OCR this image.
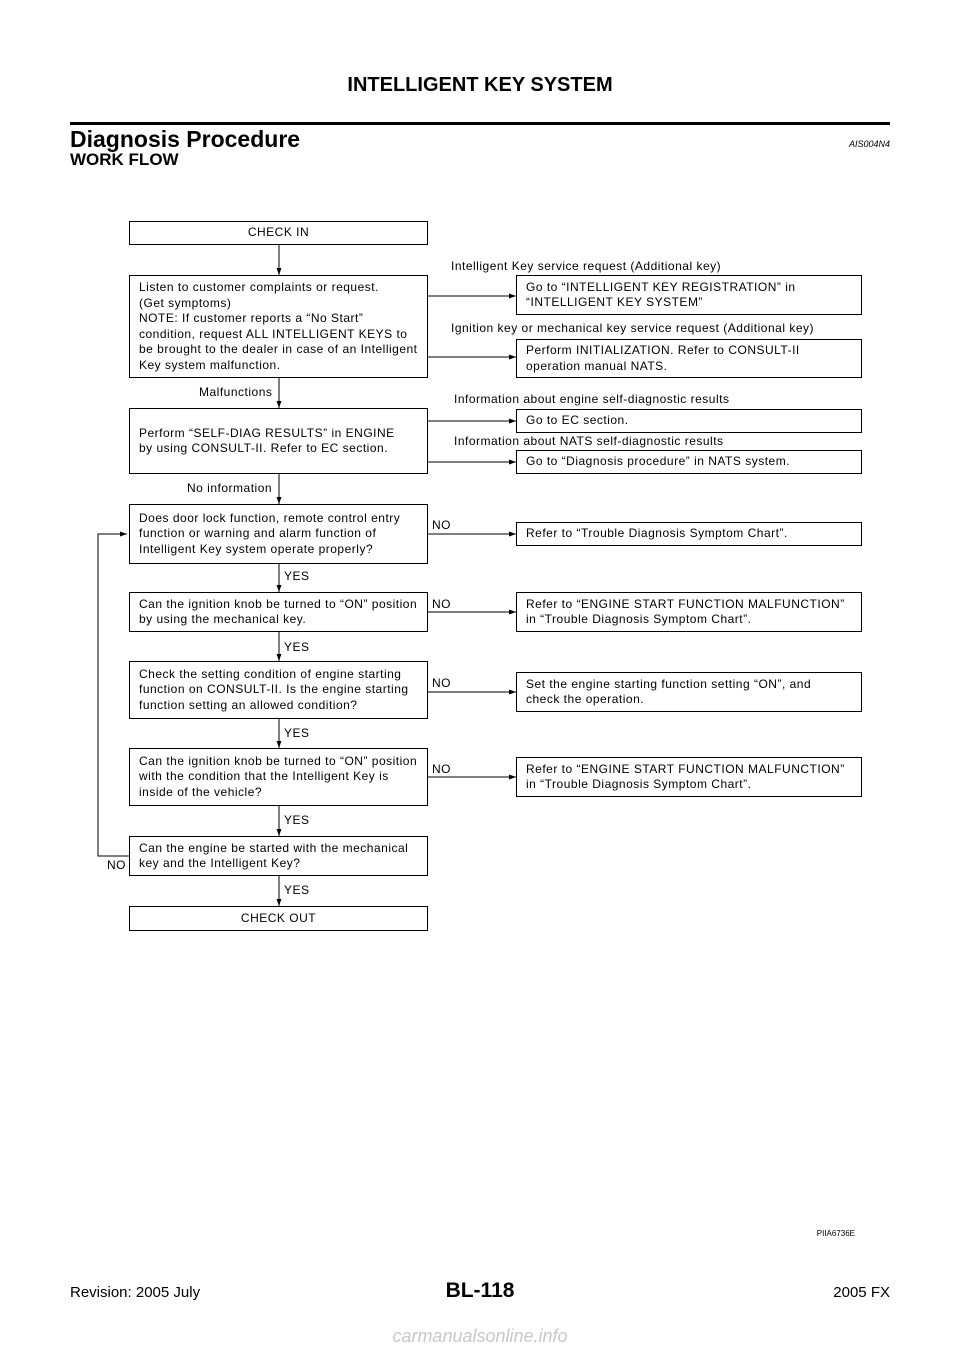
INTELLIGENT KEY SYSTEM
Diagnosis Procedure	AIS004N4
WORK FLOW
CHECK IN
Listen to customer complaints or request.
(Get symptoms)
NOTE: If customer reports a “No Start”
condition, request ALL INTELLIGENT KEYS to
be brought to the dealer in case of an Intelligent
Key system malfunction.
Go to “INTELLIGENT KEY REGISTRATION” in
“INTELLIGENT KEY SYSTEM”
Perform INITIALIZATION. Refer to CONSULT-II
operation manual NATS.
Perform “SELF-DIAG RESULTS” in ENGINE
by using CONSULT-II. Refer to EC section.
Go to EC section.
Go to “Diagnosis procedure” in NATS system.
Does door lock function, remote control entry
function or warning and alarm function of
Intelligent Key system operate properly?
Refer to “Trouble Diagnosis Symptom Chart”.
Can the ignition knob be turned to “ON” position
by using the mechanical key.
Refer to “ENGINE START FUNCTION MALFUNCTION”
in “Trouble Diagnosis Symptom Chart”.
Check the setting condition of engine starting
function on CONSULT-II. Is the engine starting
function setting an allowed condition?
Set the engine starting function setting “ON”, and
check the operation.
Can the ignition knob be turned to “ON” position
with the condition that the Intelligent Key is
inside of the vehicle?
Refer to “ENGINE START FUNCTION MALFUNCTION”
in “Trouble Diagnosis Symptom Chart”.
Can the engine be started with the mechanical
key and the Intelligent Key?
CHECK OUT
Intelligent Key service request (Additional key)
Ignition key or mechanical key service request (Additional key)
Malfunctions	Information about engine self-diagnostic results
Information about NATS self-diagnostic results
No information
NO
YES
NO
YES
NO
YES
NO
YES
NO
YES
PIIA6736E
Revision: 2005 July	BL-118	2005 FX
carmanualsonline.info
